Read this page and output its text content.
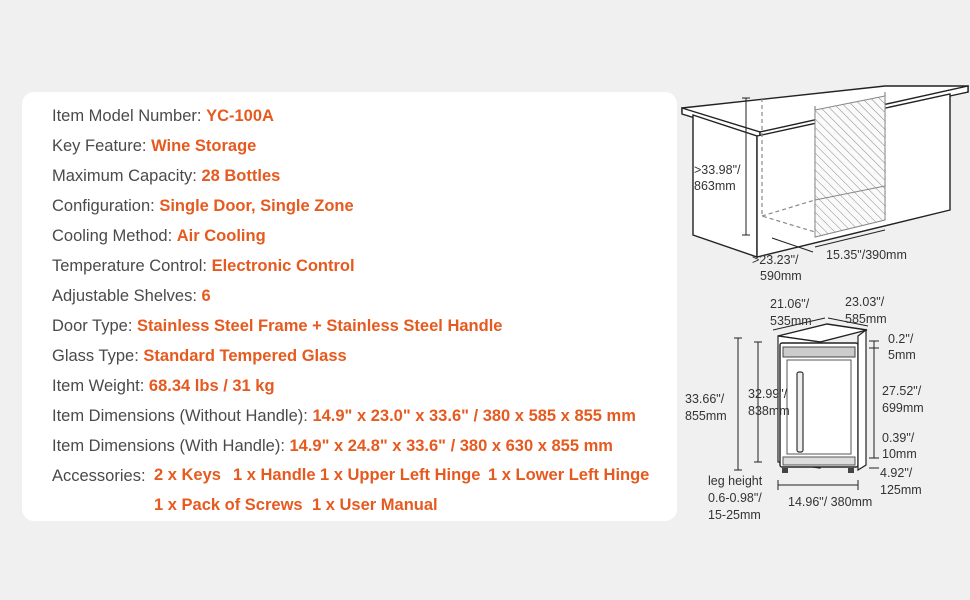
Item Model Number: YC-100A
Key Feature: Wine Storage
Maximum Capacity: 28 Bottles
Configuration: Single Door, Single Zone
Cooling Method: Air Cooling
Temperature Control: Electronic Control
Adjustable Shelves: 6
Door Type: Stainless Steel Frame + Stainless Steel Handle
Glass Type: Standard Tempered Glass
Item Weight: 68.34 lbs / 31 kg
Item Dimensions (Without Handle): 14.9" x 23.0" x 33.6" / 380 x 585 x 855 mm
Item Dimensions (With Handle): 14.9" x 24.8" x 33.6" / 380 x 630 x 855 mm
Accessories: 2 x Keys 1 x Handle 1 x Upper Left Hinge 1 x Lower Left Hinge
1 x Pack of Screws 1 x User Manual
>33.98"/
863mm
>23.23"/
590mm
15.35"/390mm
21.06"/
535mm
23.03"/
585mm
0.2"/
5mm
33.66"/
855mm
32.99"/
838mm
27.52"/
699mm
0.39"/
10mm
4.92"/
125mm
leg height
0.6-0.98"/
15-25mm
14.96"/ 380mm
